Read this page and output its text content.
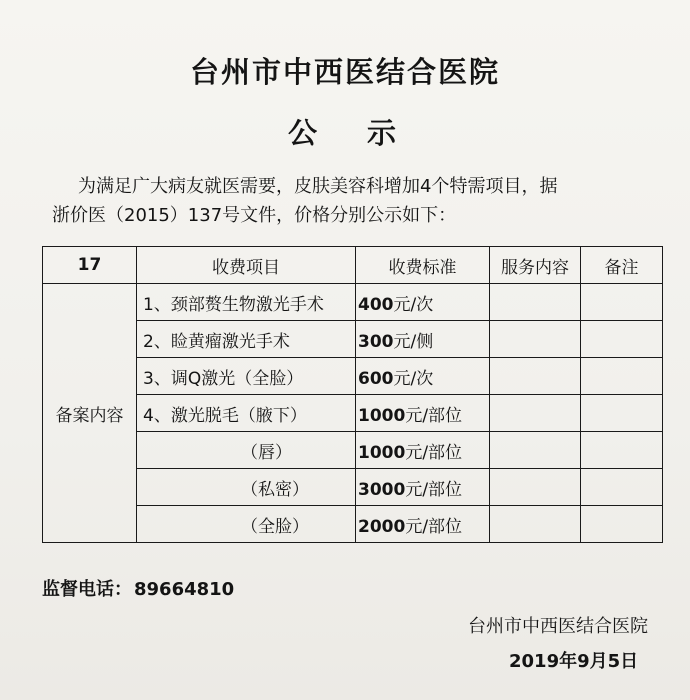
台州市中西医结合医院
公示
为满足广大病友就医需要，皮肤美容科增加4个特需项目，据
浙价医（2015）137号文件，价格分别公示如下：
17	收费项目	收费标准	服务内容	备注
备案内容	1、颈部赘生物激光手术	400元/次		
	2、睑黄瘤激光手术	300元/侧		
	3、调Q激光（全脸）	600元/次		
	4、激光脱毛（腋下）	1000元/部位		
	（唇）	1000元/部位		
	（私密）	3000元/部位		
	（全脸）	2000元/部位		
监督电话： 89664810
台州市中西医结合医院
2019年9月5日
